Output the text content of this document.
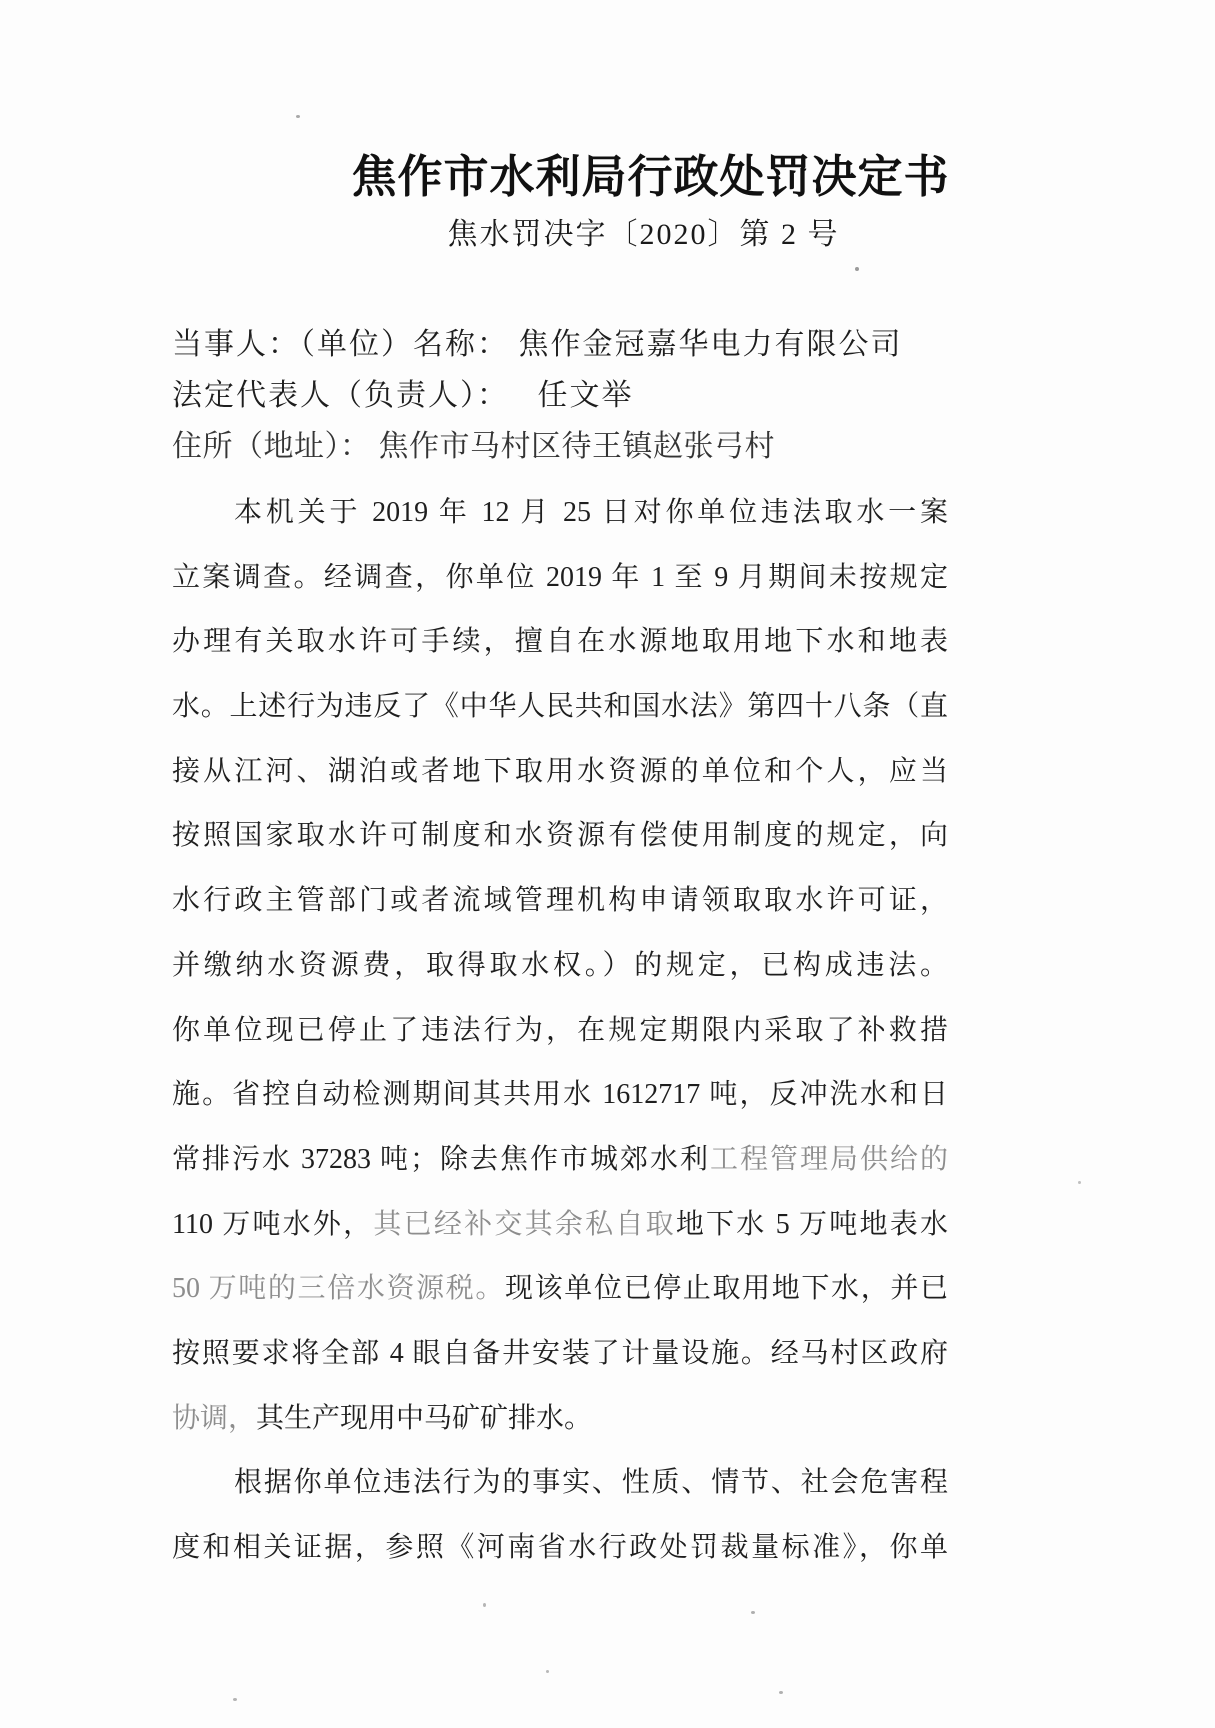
焦作市水利局行政处罚决定书
焦水罚决字〔2020〕第 2 号
当事人：（单位）名称： 焦作金冠嘉华电力有限公司
法定代表人（负责人）：   任文举
住所（地址）： 焦作市马村区待王镇赵张弓村
本机关于 2019 年 12 月 25 日对你单位违法取水一案
立案调查。经调查，你单位 2019 年 1 至 9 月期间未按规定
办理有关取水许可手续，擅自在水源地取用地下水和地表
水。上述行为违反了《中华人民共和国水法》第四十八条（直
接从江河、湖泊或者地下取用水资源的单位和个人，应当
按照国家取水许可制度和水资源有偿使用制度的规定，向
水行政主管部门或者流域管理机构申请领取取水许可证，
并缴纳水资源费，取得取水权。）的规定，已构成违法。
你单位现已停止了违法行为，在规定期限内采取了补救措
施。省控自动检测期间其共用水 1612717 吨，反冲洗水和日
常排污水 37283 吨；除去焦作市城郊水利工程管理局供给的
110 万吨水外，其已经补交其余私自取地下水 5 万吨地表水
50 万吨的三倍水资源税。现该单位已停止取用地下水，并已
按照要求将全部 4 眼自备井安装了计量设施。经马村区政府
协调，其生产现用中马矿矿排水。
根据你单位违法行为的事实、性质、情节、社会危害程
度和相关证据，参照《河南省水行政处罚裁量标准》，你单
